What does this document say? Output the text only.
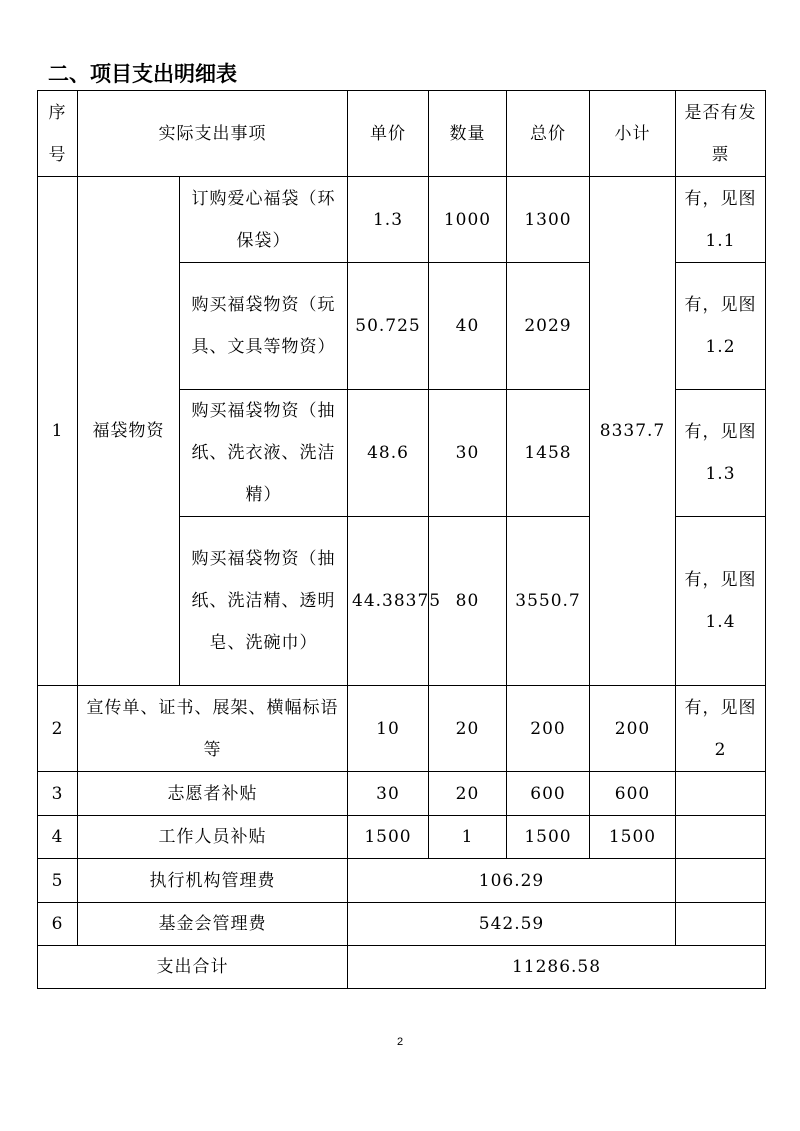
二、项目支出明细表
序号	实际支出事项		单价	数量	总价	小计	是否有发票
1	福袋物资	订购爱心福袋（环保袋）	1.3	1000	1300	8337.7	有，见图1.1
		购买福袋物资（玩具、文具等物资）	50.725	40	2029		有，见图1.2
		购买福袋物资（抽纸、洗衣液、洗洁精）	48.6	30	1458		有，见图1.3
		购买福袋物资（抽纸、洗洁精、透明皂、洗碗巾）	44.38375	80	3550.7		有，见图1.4
2	宣传单、证书、展架、横幅标语等		10	20	200	200	有，见图2
3	志愿者补贴		30	20	600	600	
4	工作人员补贴		1500	1	1500	1500	
5	执行机构管理费		106.29				
6	基金会管理费		542.59				
支出合计			11286.58				
2
